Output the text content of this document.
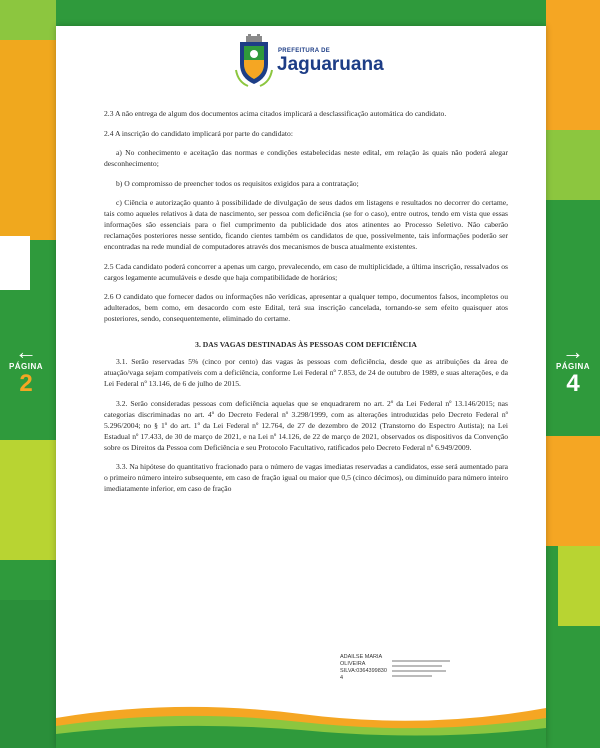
←
PÁGINA
2
→
PÁGINA
4
PREFEITURA DE
Jaguaruana

2.3 A não entrega de algum dos documentos acima citados implicará a desclassificação automática do candidato.

2.4 A inscrição do candidato implicará por parte do candidato:

a) No conhecimento e aceitação das normas e condições estabelecidas neste edital, em relação às quais não poderá alegar desconhecimento;

b) O compromisso de preencher todos os requisitos exigidos para a contratação;

c) Ciência e autorização quanto à possibilidade de divulgação de seus dados em listagens e resultados no decorrer do certame, tais como aqueles relativos à data de nascimento, ser pessoa com deficiência (se for o caso), entre outros, tendo em vista que essas informações são essenciais para o fiel cumprimento da publicidade dos atos atinentes ao Processo Seletivo. Não caberão reclamações posteriores nesse sentido, ficando cientes também os candidatos de que, possivelmente, tais informações poderão ser encontradas na rede mundial de computadores através dos mecanismos de busca atualmente existentes.

2.5 Cada candidato poderá concorrer a apenas um cargo, prevalecendo, em caso de multiplicidade, a última inscrição, ressalvados os cargos legamente acumuláveis e desde que haja compatibilidade de horários;

2.6 O candidato que fornecer dados ou informações não verídicas, apresentar a qualquer tempo, documentos falsos, incompletos ou adulterados, bem como, em desacordo com este Edital, terá sua inscrição cancelada, tornando-se sem efeito quaisquer atos posteriores, sendo, consequentemente, eliminado do certame.

3. DAS VAGAS DESTINADAS ÀS PESSOAS COM DEFICIÊNCIA

3.1. Serão reservadas 5% (cinco por cento) das vagas às pessoas com deficiência, desde que as atribuições da área de atuação/vaga sejam compatíveis com a deficiência, conforme Lei Federal nº 7.853, de 24 de outubro de 1989, e suas alterações, e da Lei Federal nº 13.146, de 6 de julho de 2015.

3.2. Serão consideradas pessoas com deficiência aquelas que se enquadrarem no art. 2º da Lei Federal nº 13.146/2015; nas categorias discriminadas no art. 4º do Decreto Federal nº 3.298/1999, com as alterações introduzidas pelo Decreto Federal nº 5.296/2004; no § 1º do art. 1º da Lei Federal nº 12.764, de 27 de dezembro de 2012 (Transtorno do Espectro Autista); na Lei Estadual nº 17.433, de 30 de março de 2021, e na Lei nº 14.126, de 22 de março de 2021, observados os dispositivos da Convenção sobre os Direitos da Pessoa com Deficiência e seu Protocolo Facultativo, ratificados pelo Decreto Federal nº 6.949/2009.

3.3. Na hipótese do quantitativo fracionado para o número de vagas imediatas reservadas a candidatos, esse será aumentado para o primeiro número inteiro subsequente, em caso de fração igual ou maior que 0,5 (cinco décimos), ou diminuído para número inteiro imediatamente inferior, em caso de fração

Praça Adolfo Francisco da Rocha, Nº 404
CEP:62823-000 | CNPJ:07.615.750/0001-17
ADAILSE MARIA
OLIVEIRA
SILVA:0364399830
4
